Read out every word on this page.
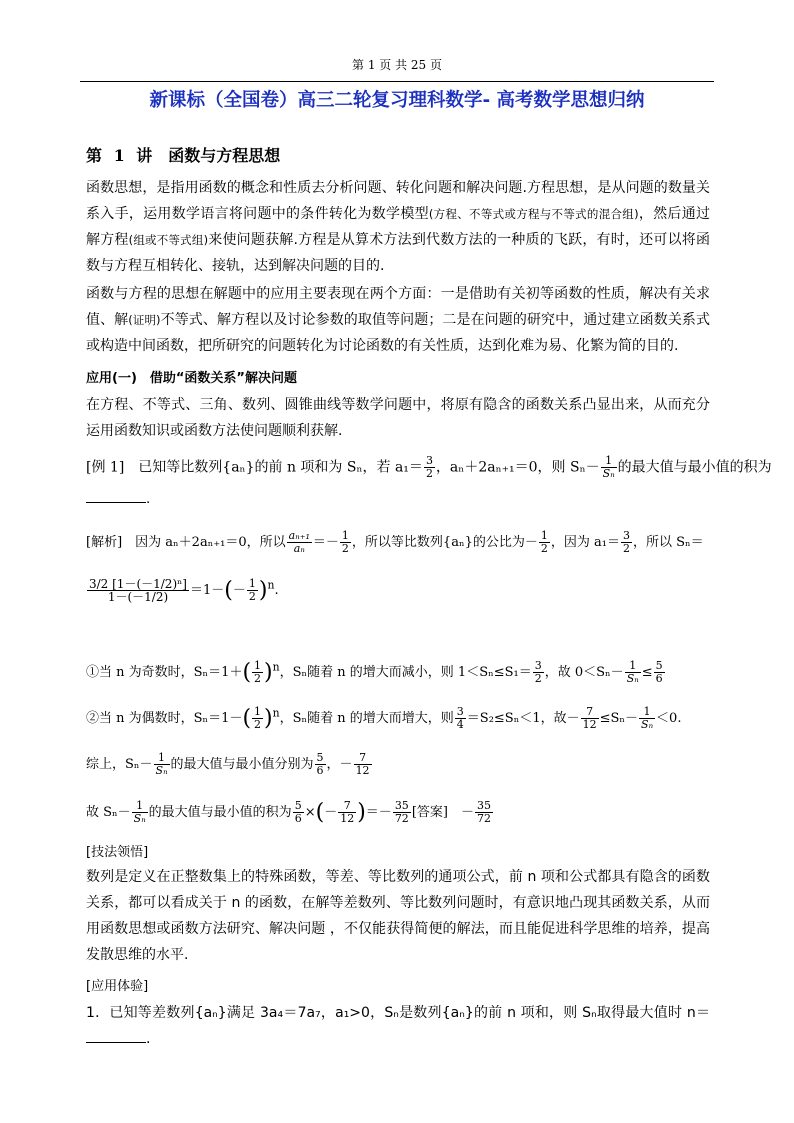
第 1 页 共 25 页
新课标（全国卷）高三二轮复习理科数学- 高考数学思想归纳
第 1 讲　函数与方程思想
函数思想，是指用函数的概念和性质去分析问题、转化问题和解决问题.方程思想，是从问题的数量关系入手，运用数学语言将问题中的条件转化为数学模型(方程、不等式或方程与不等式的混合组)，然后通过解方程(组或不等式组)来使问题获解.方程是从算术方法到代数方法的一种质的飞跃，有时，还可以将函数与方程互相转化、接轨，达到解决问题的目的.
函数与方程的思想在解题中的应用主要表现在两个方面：一是借助有关初等函数的性质，解决有关求值、解(证明)不等式、解方程以及讨论参数的取值等问题；二是在问题的研究中，通过建立函数关系式或构造中间函数，把所研究的问题转化为讨论函数的有关性质，达到化难为易、化繁为简的目的.
应用(一)　借助“函数关系”解决问题
在方程、不等式、三角、数列、圆锥曲线等数学问题中，将原有隐含的函数关系凸显出来，从而充分运用函数知识或函数方法使问题顺利获解.
[例 1]　 已知等比数列{aₙ}的前 n 项和为 Sₙ，若 $a_1= \frac{3}{2}$ ，aₙ＋2aₙ₊₁＝0，则 $S_n- \frac{1}{\text{Sₙ}}$ 的最大值与最小值的积为
.
[解析]　 因为 aₙ＋2aₙ₊₁＝0，所以 $\frac{\text{aₙ₊₁}}{\text{aₙ}} =- \frac{1}{2}$ ，所以等比数列{aₙ}的公比为－ $\frac{1}{2}$ ，因为 $a_1= \frac{3}{2}$ ，所以 Sₙ＝
$\frac{\text{3/2 [1－(－1/2)ⁿ]}}{1-(-1/2)} =1-(- \frac{1}{2} )^n$.
①当 n 为奇数时，$S_n=1+( \frac{1}{2} )^n$，Sₙ随着 n 的增大而减小，则 $1<S_n\le S_1= \frac{3}{2}$ ，故 $0<S_n- \frac{1}{\text{Sₙ}} \le \frac{5}{6}$
②当 n 为偶数时，$S_n=1-( \frac{1}{2} )^n$，Sₙ随着 n 的增大而增大，则 $\frac{3}{4} =S_2\le S_n<1$，故－ $\frac{7}{12} \le S_n- \frac{1}{\text{Sₙ}} <0$.
综上，$S_n- \frac{1}{\text{Sₙ}}$ 的最大值与最小值分别为 $\frac{5}{6}$ ，－ $\frac{7}{12}$
故 $S_n- \frac{1}{\text{Sₙ}}$ 的最大值与最小值的积为 $\frac{5}{6}$ ×(－ $\frac{7}{12}$ )＝－ $\frac{35}{72}$ [答案]　－ $\frac{35}{72}$
[技法领悟]
数列是定义在正整数集上的特殊函数，等差、等比数列的通项公式，前 n 项和公式都具有隐含的函数关系，都可以看成关于 n 的函数，在解等差数列、等比数列问题时，有意识地凸现其函数关系，从而用函数思想或函数方法研究、解决问题 ，不仅能获得简便的解法，而且能促进科学思维的培养，提高发散思维的水平.
[应用体验]
1．已知等差数列{aₙ}满足 3a₄＝7a₇，a₁>0，Sₙ是数列{aₙ}的前 n 项和，则 Sₙ取得最大值时 n＝.
